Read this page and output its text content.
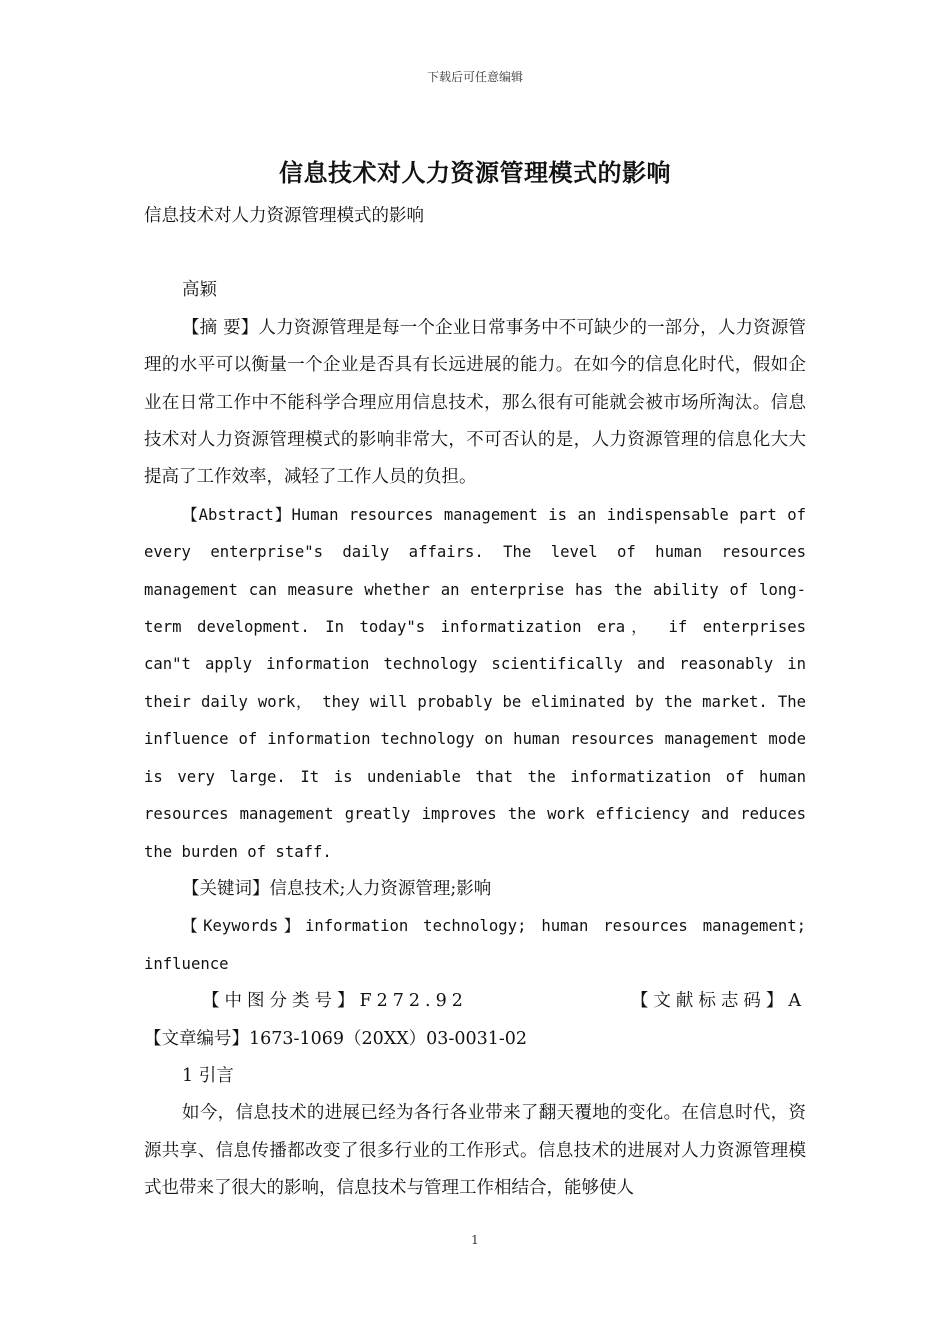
下载后可任意编辑
信息技术对人力资源管理模式的影响

信息技术对人力资源管理模式的影响

高颖

【摘 要】人力资源管理是每一个企业日常事务中不可缺少的一部分，人力资源管理的水平可以衡量一个企业是否具有长远进展的能力。在如今的信息化时代，假如企业在日常工作中不能科学合理应用信息技术，那么很有可能就会被市场所淘汰。信息技术对人力资源管理模式的影响非常大，不可否认的是，人力资源管理的信息化大大提高了工作效率，减轻了工作人员的负担。

【Abstract】Human resources management is an indispensable part of every enterprise"s daily affairs. The level of human resources management can measure whether an enterprise has the ability of long-term development. In today"s informatization era， if enterprises can"t apply information technology scientifically and reasonably in their daily work， they will probably be eliminated by the market. The influence of information technology on human resources management mode is very large. It is undeniable that the informatization of human resources management greatly improves the work efficiency and reduces the burden of staff.

【关键词】信息技术;人力资源管理;影响

【Keywords】information technology; human resources management; influence

【中图分类号】F272.92	【文献标志码】A

【文章编号】1673-1069（20XX）03-0031-02

1 引言

如今，信息技术的进展已经为各行各业带来了翻天覆地的变化。在信息时代，资源共享、信息传播都改变了很多行业的工作形式。信息技术的进展对人力资源管理模式也带来了很大的影响，信息技术与管理工作相结合，能够使人

1
